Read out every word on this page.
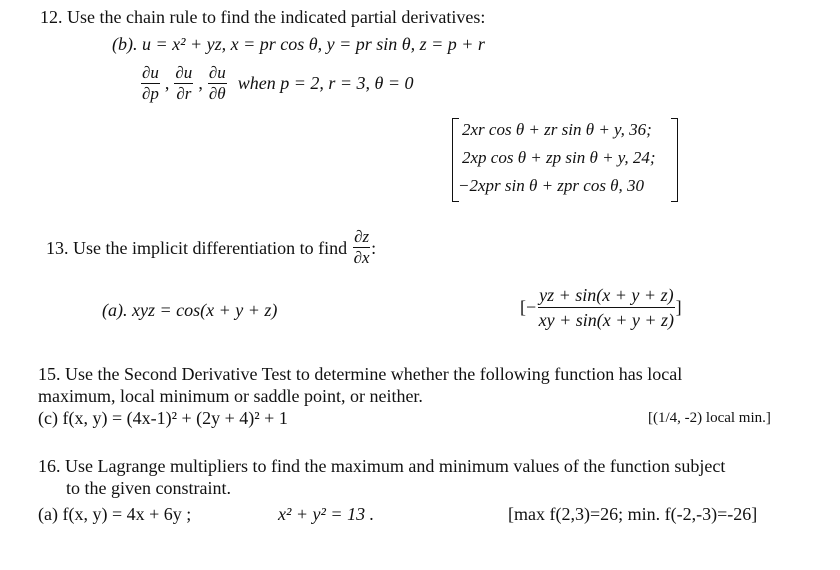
12. Use the chain rule to find the indicated partial derivatives:
(b). u = x² + yz, x = pr cos θ, y = pr sin θ, z = p + r
$\frac{\partial u}{\partial p}$ , $\frac{\partial u}{\partial r}$ , $\frac{\partial u}{\partial\theta}$ when p = 2, r = 3, θ = 0
2xr cos θ + zr sin θ + y, 36;
2xp cos θ + zp sin θ + y, 24;
−2xpr sin θ + zpr cos θ, 30
13. Use the implicit differentiation to find $\frac{\partial z}{\partial x}$ :
(a). xyz = cos(x + y + z)	[− $\frac{yz + \sin(x + y + z)}{xy + \sin(x + y + z)}$ ]
15. Use the Second Derivative Test to determine whether the following function has local
maximum, local minimum or saddle point, or neither.
(c) f(x, y) = (4x-1)² + (2y + 4)² + 1	[(1/4, -2) local min.]
16. Use Lagrange multipliers to find the maximum and minimum values of the function subject
to the given constraint.
(a) f(x, y) = 4x + 6y ;	x² + y² = 13 .	[max f(2,3)=26; min. f(-2,-3)=-26]
